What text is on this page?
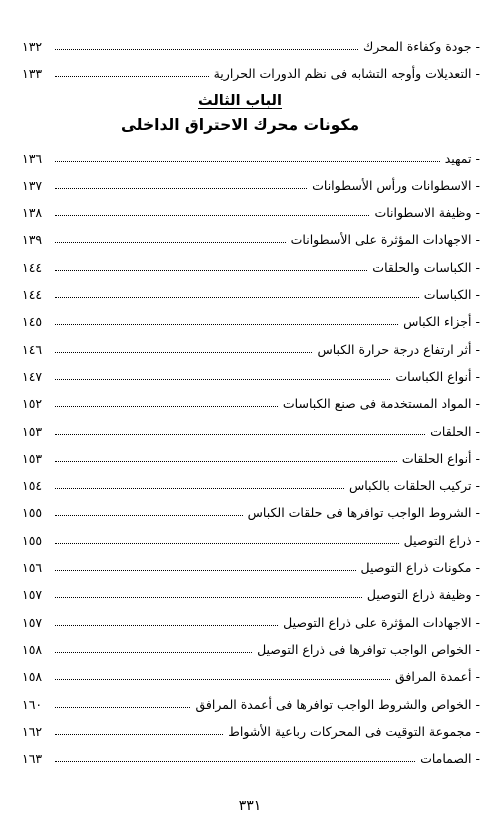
- جودة وكفاءة المحرك
١٣٢
- التعديلات وأوجه التشابه فى نظم الدورات الحرارية
١٣٣
الباب الثالث
مكونات محرك الاحتراق الداخلى
- تمهيد
١٣٦
- الاسطوانات ورأس الأسطوانات
١٣٧
- وظيفة الاسطوانات
١٣٨
- الاجهادات المؤثرة على الأسطوانات
١٣٩
- الكباسات والحلقات
١٤٤
- الكباسات
١٤٤
- أجزاء الكباس
١٤٥
- أثر ارتفاع درجة حرارة الكباس
١٤٦
- أنواع الكباسات
١٤٧
- المواد المستخدمة فى صنع الكباسات
١٥٢
- الحلقات
١٥٣
- أنواع الحلقات
١٥٣
- تركيب الحلقات بالكباس
١٥٤
- الشروط الواجب توافرها فى حلقات الكباس
١٥٥
- ذراع التوصيل
١٥٥
- مكونات ذراع التوصيل
١٥٦
- وظيفة ذراع التوصيل
١٥٧
- الاجهادات المؤثرة على ذراع التوصيل
١٥٧
- الخواص الواجب توافرها فى ذراع التوصيل
١٥٨
- أعمدة المرافق
١٥٨
- الخواص والشروط الواجب توافرها فى أعمدة المرافق
١٦٠
- مجموعة التوقيت فى المحركات رباعية الأشواط
١٦٢
- الصمامات
١٦٣
٣٣١
